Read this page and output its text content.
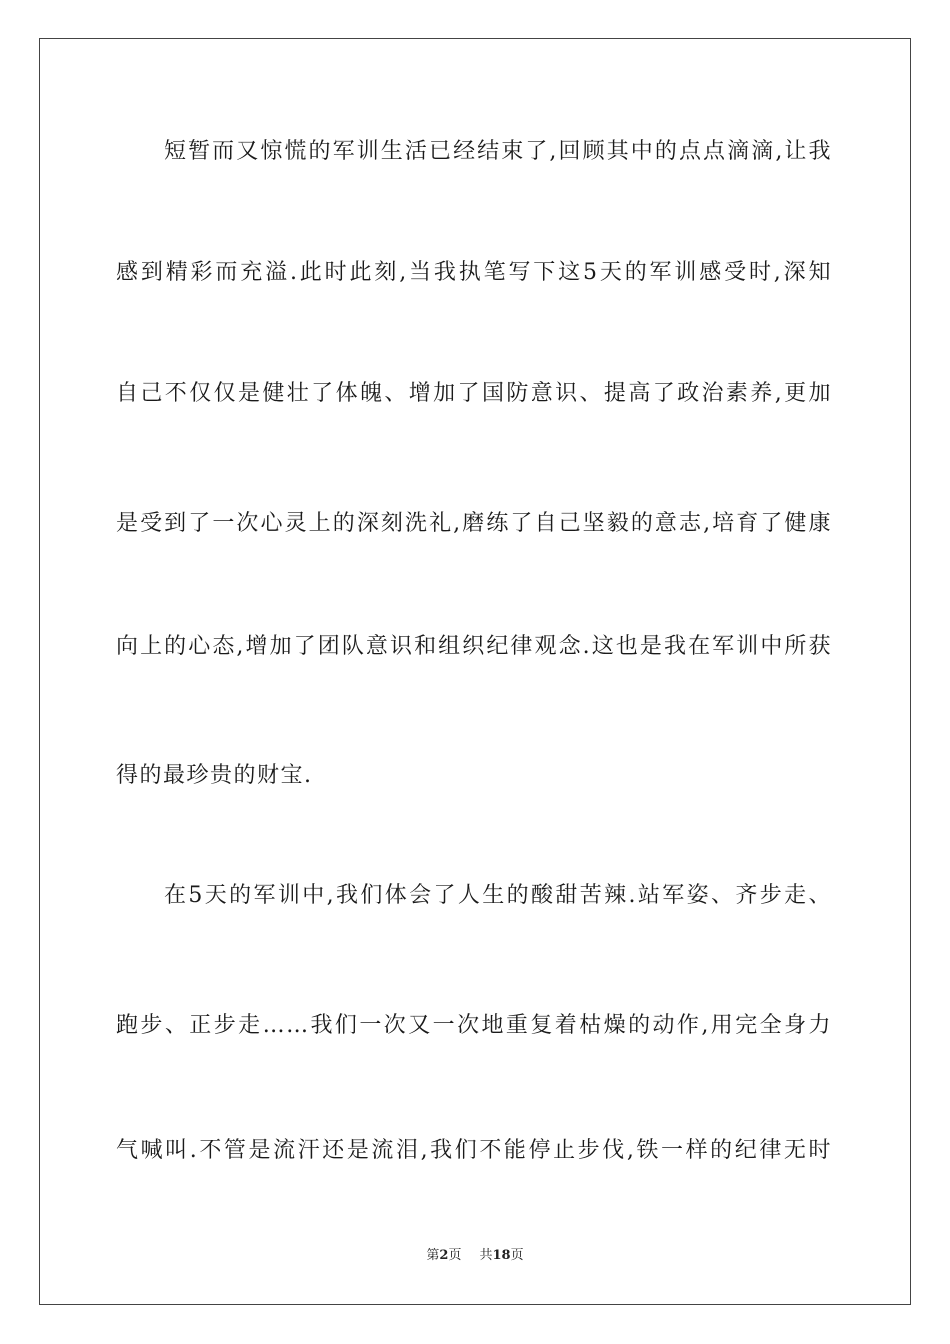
短暂而又惊慌的军训生活已经结束了,回顾其中的点点滴滴,让我
感到精彩而充溢.此时此刻,当我执笔写下这5天的军训感受时,深知
自己不仅仅是健壮了体魄、增加了国防意识、提高了政治素养,更加
是受到了一次心灵上的深刻洗礼,磨练了自己坚毅的意志,培育了健康
向上的心态,增加了团队意识和组织纪律观念.这也是我在军训中所获
得的最珍贵的财宝.
在5天的军训中,我们体会了人生的酸甜苦辣.站军姿、齐步走、
跑步、正步走……我们一次又一次地重复着枯燥的动作,用完全身力
气喊叫.不管是流汗还是流泪,我们不能停止步伐,铁一样的纪律无时
第2页 共18页
